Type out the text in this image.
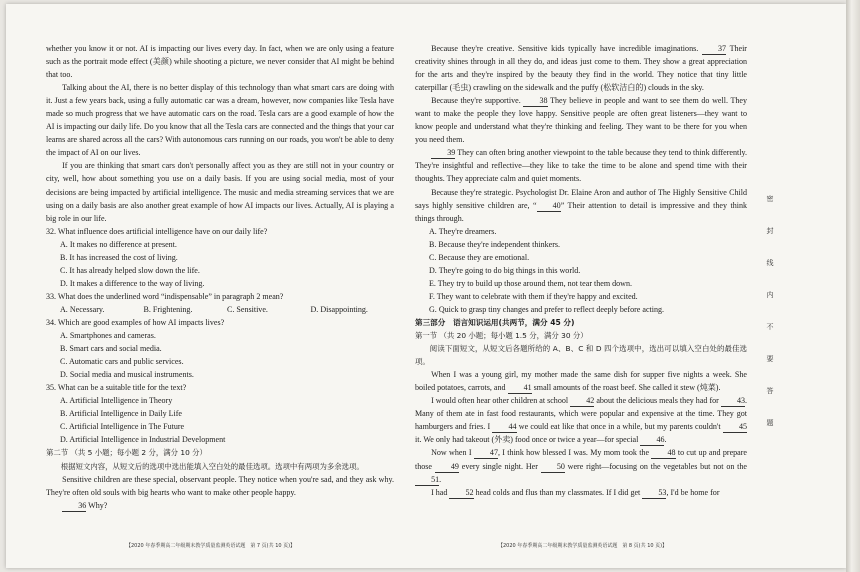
whether you know it or not. AI is impacting our lives every day. In fact, when we are only using a feature such as the portrait mode effect (美颜) while shooting a picture, we never consider that AI might be behind that too.

Talking about the AI, there is no better display of this technology than what smart cars are doing with it. Just a few years back, using a fully automatic car was a dream, however, now companies like Tesla have made so much progress that we have automatic cars on the road. Tesla cars are a good example of how the AI is impacting our daily life. Do you know that all the Tesla cars are connected and the things that your car learns are shared across all the cars? With autonomous cars running on our roads, you won't be able to deny the impact of AI on our lives.

If you are thinking that smart cars don't personally affect you as they are still not in your country or city, well, how about something you use on a daily basis. If you are using social media, most of your decisions are being impacted by artificial intelligence. The music and media streaming services that we are using on a daily basis are also another great example of how AI impacts our lives. Actually, AI is playing a big role in our life.

32. What influence does artificial intelligence have on our daily life?

A. It makes no difference at present.

B. It has increased the cost of living.

C. It has already helped slow down the life.

D. It makes a difference to the way of living.

33. What does the underlined word “indispensable” in paragraph 2 mean?

A. Necessary.	B. Frightening.	C. Sensitive.	D. Disappointing.

34. Which are good examples of how AI impacts lives?

A. Smartphones and cameras.

B. Smart cars and social media.

C. Automatic cars and public services.

D. Social media and musical instruments.

35. What can be a suitable title for the text?

A. Artificial Intelligence in Theory

B. Artificial Intelligence in Daily Life

C. Artificial Intelligence in The Future

D. Artificial Intelligence in Industrial Development

第二节 （共 5 小题；每小题 2 分，满分 10 分）

根据短文内容，从短文后的选项中选出能填入空白处的最佳选项。选项中有两项为多余选项。

Sensitive children are these special, observant people. They notice when you're sad, and they ask why. They're often old souls with big hearts who want to make other people happy.

36 Why?

Because they're creative. Sensitive kids typically have incredible imaginations. 37 Their creativity shines through in all they do, and ideas just come to them. They show a great appreciation for the arts and they're inspired by the beauty they find in the world. They notice that tiny little caterpillar (毛虫) crawling on the sidewalk and the puffy (松软洁白的) clouds in the sky.

Because they're supportive. 38 They believe in people and want to see them do well. They want to make the people they love happy. Sensitive people are often great listeners—they want to know people and understand what they're thinking and feeling. They want to be there for you when you need them.

39 They can often bring another viewpoint to the table because they tend to think differently. They're insightful and reflective—they like to take the time to be alone and spend time with their thoughts. They appreciate calm and quiet moments.

Because they're strategic. Psychologist Dr. Elaine Aron and author of The Highly Sensitive Child says highly sensitive children are, “ 40” Their attention to detail is impressive and they think things through.

A. They're dreamers.

B. Because they're independent thinkers.

C. Because they are emotional.

D. They're going to do big things in this world.

E. They try to build up those around them, not tear them down.

F. They want to celebrate with them if they're happy and excited.

G. Quick to grasp tiny changes and prefer to reflect deeply before acting.

第三部分　语言知识运用(共两节，满分 45 分)

第一节 （共 20 小题；每小题 1.5 分，满分 30 分）

阅读下面短文，从短文后各题所给的 A、B、C 和 D 四个选项中，选出可以填入空白处的最佳选项。

When I was a young girl, my mother made the same dish for supper five nights a week. She boiled potatoes, carrots, and 41 small amounts of the roast beef. She called it stew (炖菜).

I would often hear other children at school 42 about the delicious meals they had for 43. Many of them ate in fast food restaurants, which were popular and expensive at the time. They got hamburgers and fries. I 44 we could eat like that once in a while, but my parents couldn't 45 it. We only had takeout (外卖) food once or twice a year—for special 46.

Now when I 47, I think how blessed I was. My mom took the 48 to cut up and prepare those 49 every single night. Her 50 were right—focusing on the vegetables but not on the 51.

I had 52 head colds and flus than my classmates. If I did get 53, I'd be home for

【2020 年春季期高二年级期末教学质量监测英语试题　第 7 页(共 10 页)】	【2020 年春季期高二年级期末教学质量监测英语试题　第 8 页(共 10 页)】
密
封
线
内
不
要
答
题
